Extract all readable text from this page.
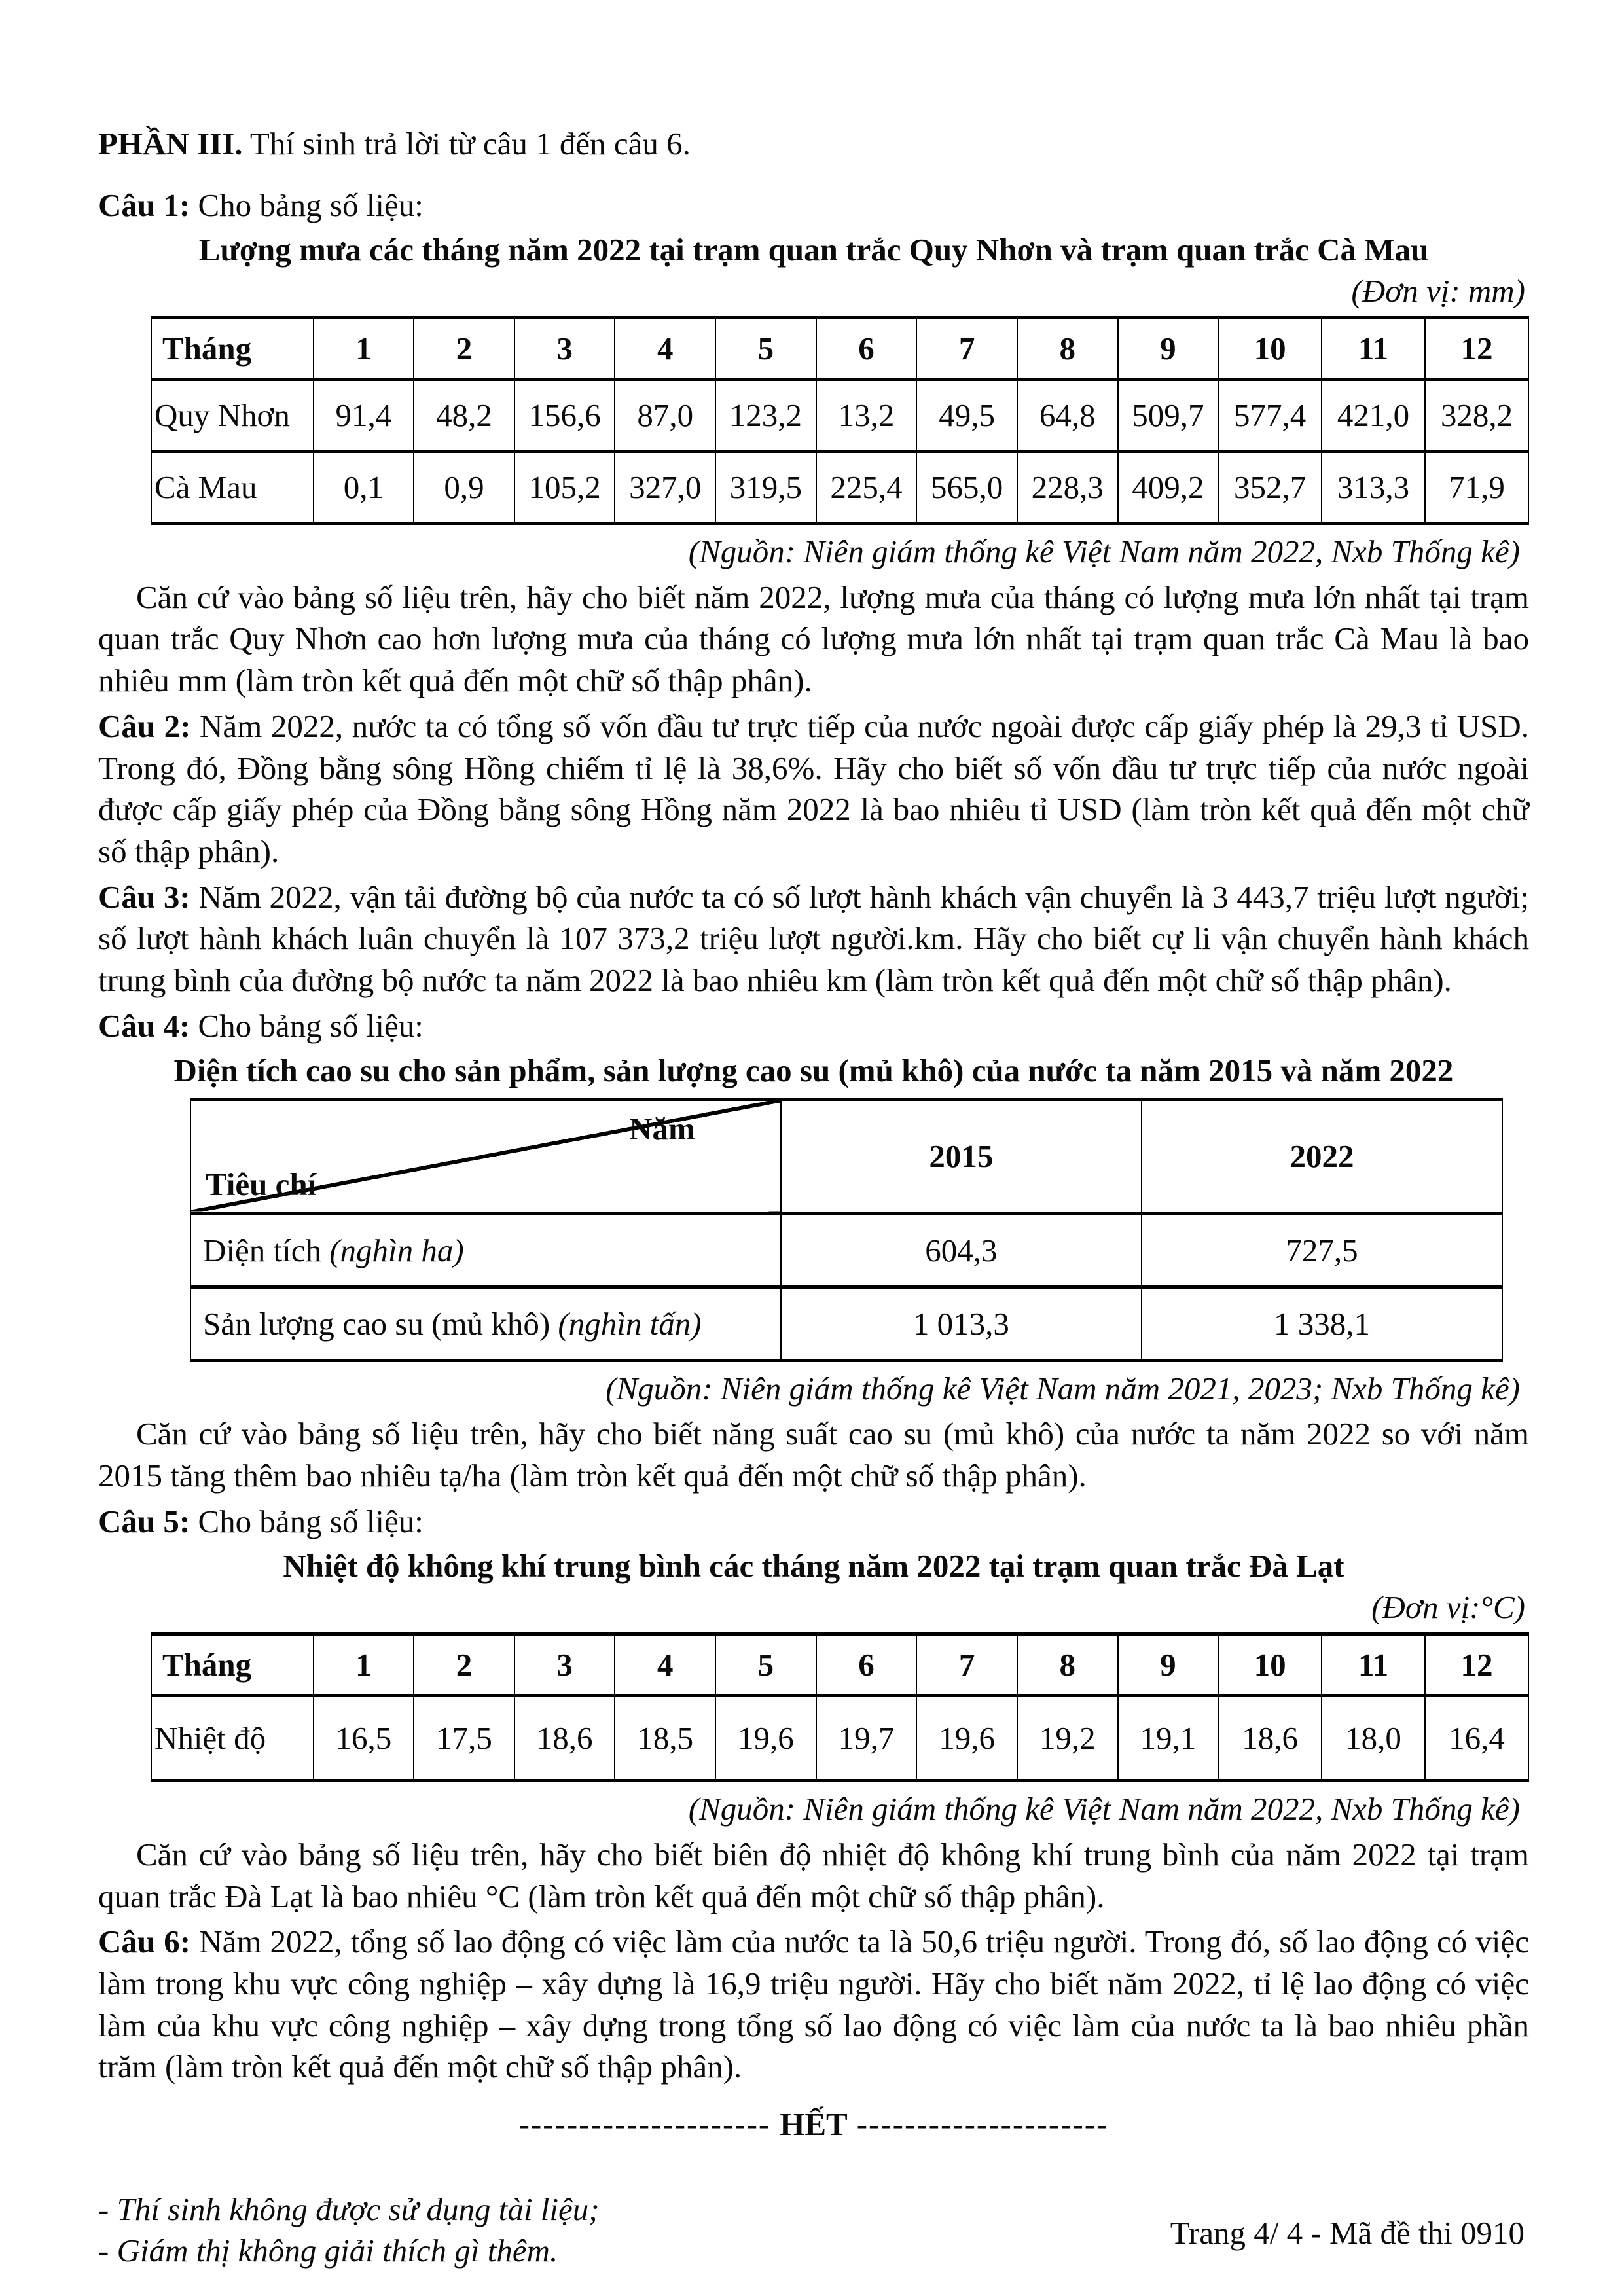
PHẦN III. Thí sinh trả lời từ câu 1 đến câu 6.

Câu 1: Cho bảng số liệu:

Lượng mưa các tháng năm 2022 tại trạm quan trắc Quy Nhơn và trạm quan trắc Cà Mau

(Đơn vị: mm)

Tháng	1	2	3	4	5	6	7	8	9	10	11	12
Quy Nhơn	91,4	48,2	156,6	87,0	123,2	13,2	49,5	64,8	509,7	577,4	421,0	328,2
Cà Mau	0,1	0,9	105,2	327,0	319,5	225,4	565,0	228,3	409,2	352,7	313,3	71,9

(Nguồn: Niên giám thống kê Việt Nam năm 2022, Nxb Thống kê)

Căn cứ vào bảng số liệu trên, hãy cho biết năm 2022, lượng mưa của tháng có lượng mưa lớn nhất tại trạm quan trắc Quy Nhơn cao hơn lượng mưa của tháng có lượng mưa lớn nhất tại trạm quan trắc Cà Mau là bao nhiêu mm (làm tròn kết quả đến một chữ số thập phân).

Câu 2: Năm 2022, nước ta có tổng số vốn đầu tư trực tiếp của nước ngoài được cấp giấy phép là 29,3 tỉ USD. Trong đó, Đồng bằng sông Hồng chiếm tỉ lệ là 38,6%. Hãy cho biết số vốn đầu tư trực tiếp của nước ngoài được cấp giấy phép của Đồng bằng sông Hồng năm 2022 là bao nhiêu tỉ USD (làm tròn kết quả đến một chữ số thập phân).

Câu 3: Năm 2022, vận tải đường bộ của nước ta có số lượt hành khách vận chuyển là 3 443,7 triệu lượt người; số lượt hành khách luân chuyển là 107 373,2 triệu lượt người.km. Hãy cho biết cự li vận chuyển hành khách trung bình của đường bộ nước ta năm 2022 là bao nhiêu km (làm tròn kết quả đến một chữ số thập phân).

Câu 4: Cho bảng số liệu:

Diện tích cao su cho sản phẩm, sản lượng cao su (mủ khô) của nước ta năm 2015 và năm 2022

Năm
Tiêu chí	2015	2022
Diện tích (nghìn ha)	604,3	727,5
Sản lượng cao su (mủ khô) (nghìn tấn)	1 013,3	1 338,1

(Nguồn: Niên giám thống kê Việt Nam năm 2021, 2023; Nxb Thống kê)

Căn cứ vào bảng số liệu trên, hãy cho biết năng suất cao su (mủ khô) của nước ta năm 2022 so với năm 2015 tăng thêm bao nhiêu tạ/ha (làm tròn kết quả đến một chữ số thập phân).

Câu 5: Cho bảng số liệu:

Nhiệt độ không khí trung bình các tháng năm 2022 tại trạm quan trắc Đà Lạt

(Đơn vị:°C)

Tháng	1	2	3	4	5	6	7	8	9	10	11	12
Nhiệt độ	16,5	17,5	18,6	18,5	19,6	19,7	19,6	19,2	19,1	18,6	18,0	16,4

(Nguồn: Niên giám thống kê Việt Nam năm 2022, Nxb Thống kê)

Căn cứ vào bảng số liệu trên, hãy cho biết biên độ nhiệt độ không khí trung bình của năm 2022 tại trạm quan trắc Đà Lạt là bao nhiêu °C (làm tròn kết quả đến một chữ số thập phân).

Câu 6: Năm 2022, tổng số lao động có việc làm của nước ta là 50,6 triệu người. Trong đó, số lao động có việc làm trong khu vực công nghiệp – xây dựng là 16,9 triệu người. Hãy cho biết năm 2022, tỉ lệ lao động có việc làm của khu vực công nghiệp – xây dựng trong tổng số lao động có việc làm của nước ta là bao nhiêu phần trăm (làm tròn kết quả đến một chữ số thập phân).

--------------------- HẾT ---------------------

- Thí sinh không được sử dụng tài liệu;

- Giám thị không giải thích gì thêm.	Trang 4/ 4 - Mã đề thi 0910
